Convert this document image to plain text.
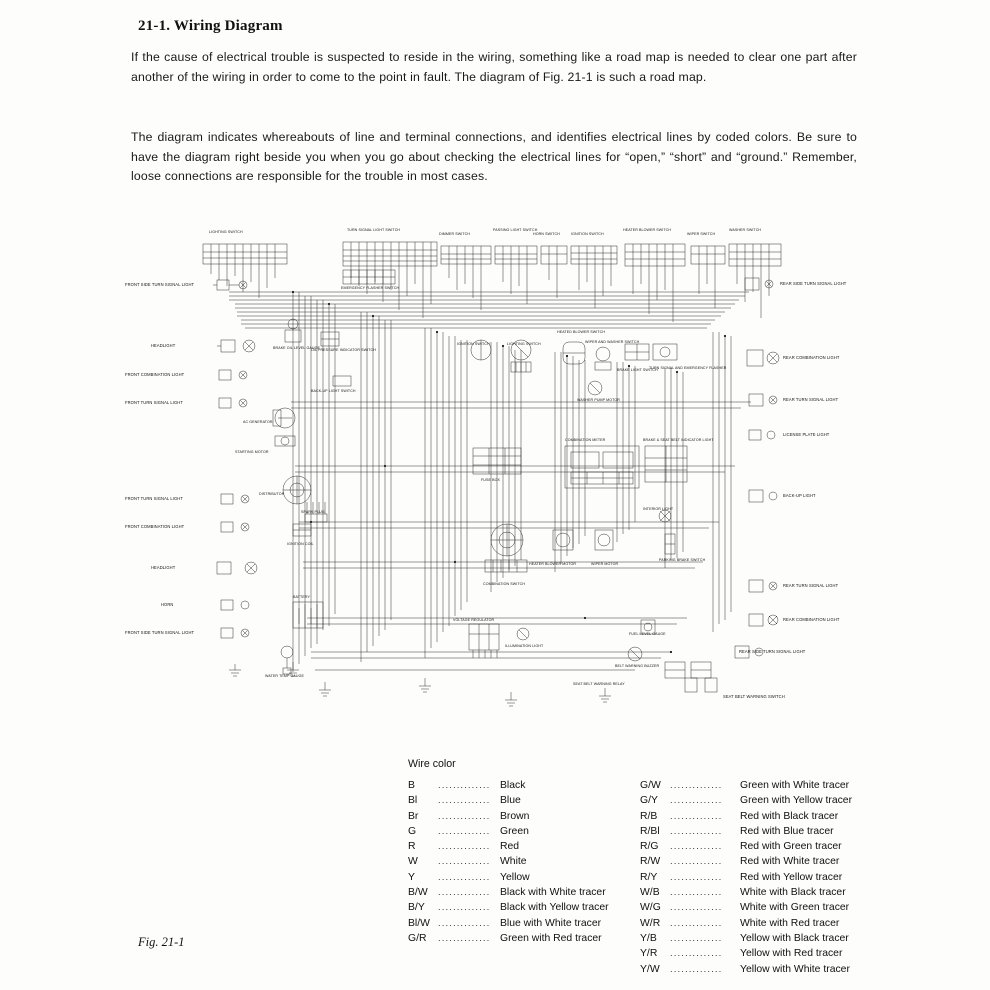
21-1. Wiring Diagram
If the cause of electrical trouble is suspected to reside in the wiring, something like a road map is needed to clear one part after another of the wiring in order to come to the point in fault. The diagram of Fig. 21-1 is such a road map.
The diagram indicates whereabouts of line and terminal connections, and identifies electrical lines by coded colors. Be sure to have the diagram right beside you when you go about checking the electrical lines for “open,” “short” and “ground.” Remember, loose connections are responsible for the trouble in most cases.
LIGHTING SWITCH	TURN SIGNAL LIGHT SWITCH
DIMMER SWITCH
PASSING LIGHT SWITCH
HORN SWITCH	IGNITION SWITCH
HEATER BLOWER SWITCH
WIPER SWITCH
WASHER SWITCH
EMERGENCY FLASHER SWITCH
FRONT SIDE TURN SIGNAL LIGHT
HEADLIGHT
FRONT COMBINATION LIGHT
FRONT TURN SIGNAL LIGHT
FRONT TURN SIGNAL LIGHT
FRONT COMBINATION LIGHT
HEADLIGHT
HORN
FRONT SIDE TURN SIGNAL LIGHT
REAR SIDE TURN SIGNAL LIGHT
REAR COMBINATION LIGHT
REAR TURN SIGNAL LIGHT
LICENSE PLATE LIGHT
BACK-UP LIGHT
REAR TURN SIGNAL LIGHT
REAR COMBINATION LIGHT
REAR SIDE TURN SIGNAL LIGHT
SEAT BELT WARNING SWITCH
BRAKE OIL LEVEL GAUGE
OIL PRESSURE INDICATOR SWITCH
BACK-UP LIGHT SWITCH
AC GENERATOR
STARTING MOTOR
DISTRIBUTOR
SPARK PLUG
IGNITION COIL
BATTERY
WATER TEMP GAUGE
IGNITION SWITCH	LIGHTING SWITCH
HEATED BLOWER SWITCH
WIPER AND WASHER SWITCH
BRAKE LIGHT SWITCH
WASHER PUMP MOTOR
TURN SIGNAL AND EMERGENCY FLASHER
COMBINATION METER	BRAKE & SEAT BELT INDICATOR LIGHT
FUSE BOX
INTERIOR LIGHT
HEATER BLOWER MOTOR	WIPER MOTOR
COMBINATION SWITCH
VOLTAGE REGULATOR
ILLUMINATION LIGHT
FUEL LEVEL GAUGE
PARKING BRAKE SWITCH
BELT WARNING BUZZER
SEAT BELT WARNING RELAY
Wire color
B	.............. Black
Bl	.............. Blue
Br	.............. Brown
G	.............. Green
R	.............. Red
W	.............. White
Y	.............. Yellow
B/W	.............. Black with White tracer
B/Y	.............. Black with Yellow tracer
Bl/W .............. Blue with White tracer
G/R	.............. Green with Red tracer
G/W ..............	Green with White tracer
G/Y	..............	Green with Yellow tracer
R/B	..............	Red with Black tracer
R/Bl	..............	Red with Blue tracer
R/G	..............	Red with Green tracer
R/W	..............	Red with White tracer
R/Y	..............	Red with Yellow tracer
W/B	..............	White with Black tracer
W/G ..............	White with Green tracer
W/R	..............	White with Red tracer
Y/B	..............	Yellow with Black tracer
Y/R	..............	Yellow with Red tracer
Y/W	..............	Yellow with White tracer
Fig. 21-1
